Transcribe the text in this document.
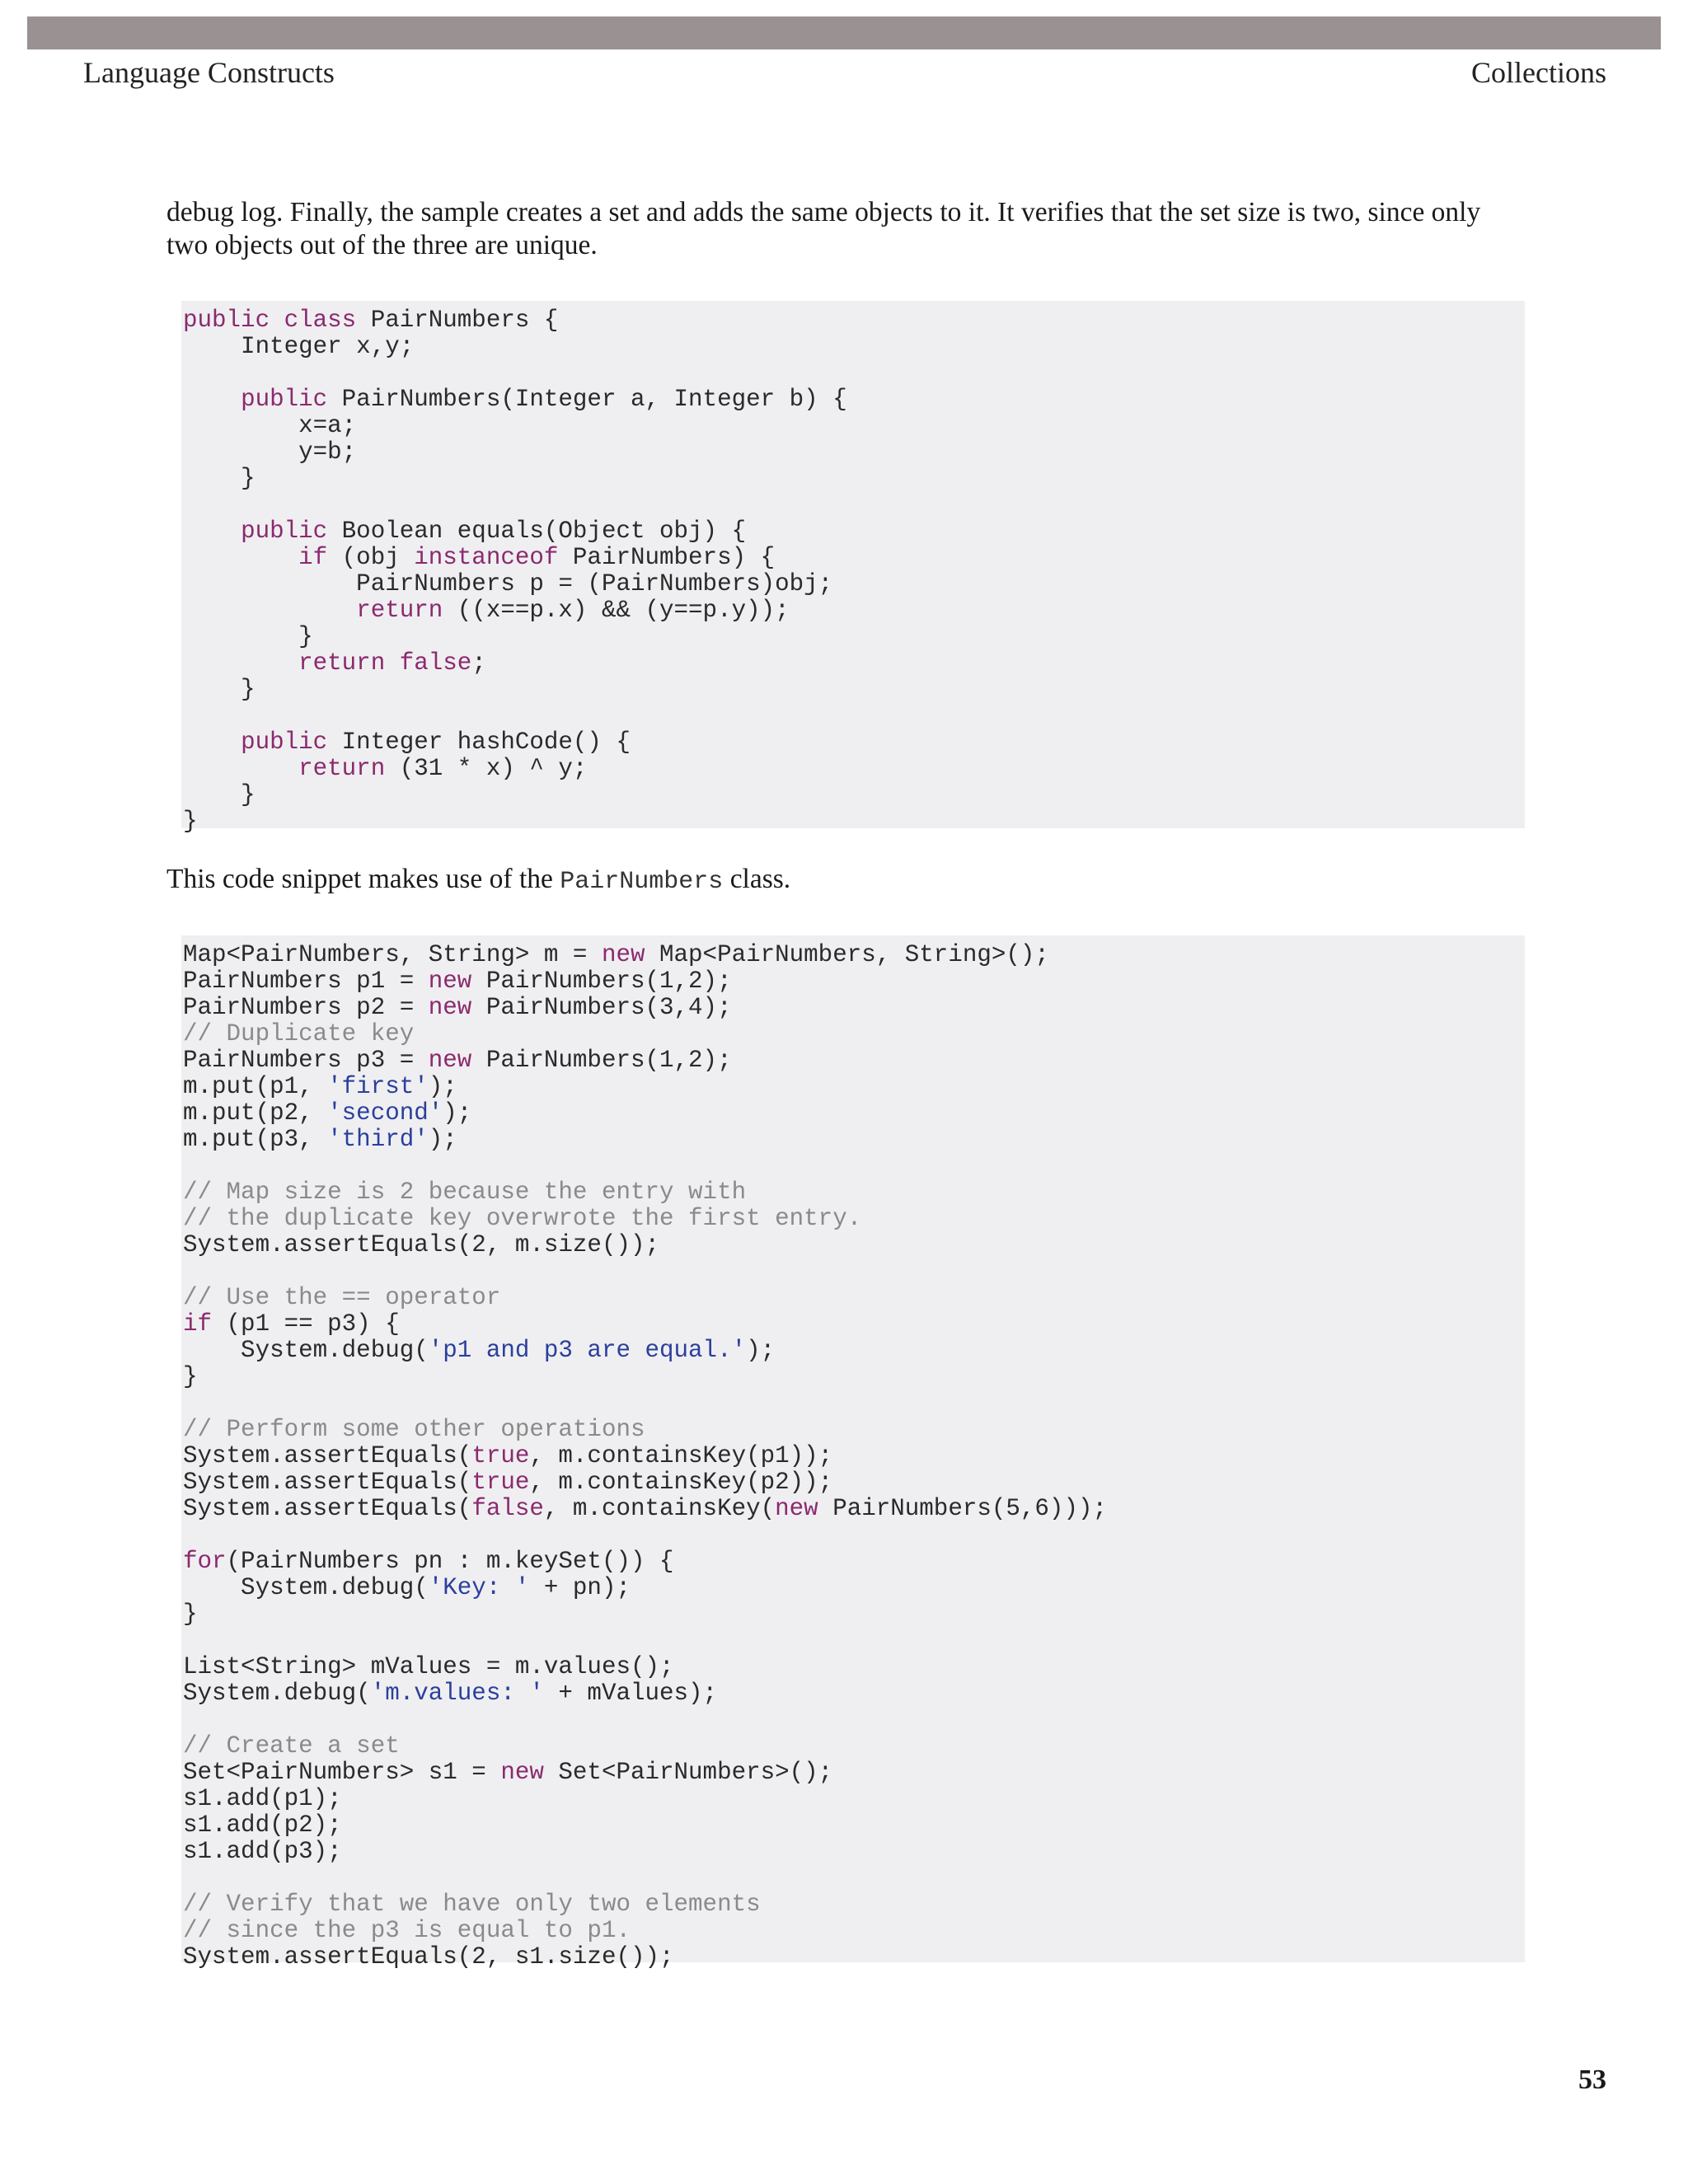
Language Constructs	Collections

debug log. Finally, the sample creates a set and adds the same objects to it. It verifies that the set size is two, since only two objects out of the three are unique.

public class PairNumbers {
Integer x,y;

public PairNumbers(Integer a, Integer b) {
x=a;
y=b;
}

public Boolean equals(Object obj) {
if (obj instanceof PairNumbers) {
PairNumbers p = (PairNumbers)obj;
return ((x==p.x) && (y==p.y));
}
return false;
}

public Integer hashCode() {
return (31 * x) ^ y;
}
}

This code snippet makes use of the PairNumbers class.

Map<PairNumbers, String> m = new Map<PairNumbers, String>();
PairNumbers p1 = new PairNumbers(1,2);
PairNumbers p2 = new PairNumbers(3,4);
// Duplicate key
PairNumbers p3 = new PairNumbers(1,2);
m.put(p1, 'first');
m.put(p2, 'second');
m.put(p3, 'third');

// Map size is 2 because the entry with
// the duplicate key overwrote the first entry.
System.assertEquals(2, m.size());

// Use the == operator
if (p1 == p3) {
System.debug('p1 and p3 are equal.');
}

// Perform some other operations
System.assertEquals(true, m.containsKey(p1));
System.assertEquals(true, m.containsKey(p2));
System.assertEquals(false, m.containsKey(new PairNumbers(5,6)));

for(PairNumbers pn : m.keySet()) {
System.debug('Key: ' + pn);
}

List<String> mValues = m.values();
System.debug('m.values: ' + mValues);

// Create a set
Set<PairNumbers> s1 = new Set<PairNumbers>();
s1.add(p1);
s1.add(p2);
s1.add(p3);

// Verify that we have only two elements
// since the p3 is equal to p1.
System.assertEquals(2, s1.size());
53
